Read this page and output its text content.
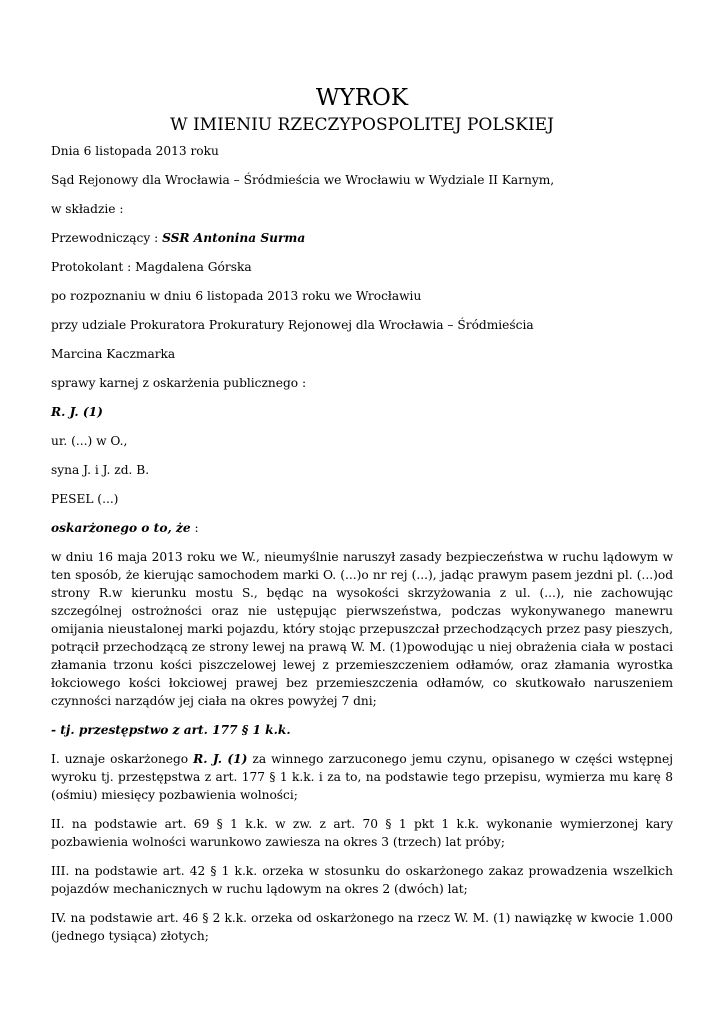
WYROK
W IMIENIU RZECZYPOSPOLITEJ POLSKIEJ
Dnia 6 listopada 2013 roku
Sąd Rejonowy dla Wrocławia – Śródmieścia we Wrocławiu w Wydziale II Karnym,
w składzie :
Przewodniczący : SSR Antonina Surma
Protokolant : Magdalena Górska
po rozpoznaniu w dniu 6 listopada 2013 roku we Wrocławiu
przy udziale Prokuratora Prokuratury Rejonowej dla Wrocławia – Śródmieścia
Marcina Kaczmarka
sprawy karnej z oskarżenia publicznego :
R. J. (1)
ur. (...) w O.,
syna J. i J. zd. B.
PESEL (...)
oskarżonego o to, że :
w dniu 16 maja 2013 roku we W., nieumyślnie naruszył zasady bezpieczeństwa w ruchu lądowym w ten sposób, że kierując samochodem marki O. (...)o nr rej (...), jadąc prawym pasem jezdni pl. (...)od strony R.w kierunku mostu S., będąc na wysokości skrzyżowania z ul. (...), nie zachowując szczególnej ostrożności oraz nie ustępując pierwszeństwa, podczas wykonywanego manewru omijania nieustalonej marki pojazdu, który stojąc przepuszczał przechodzących przez pasy pieszych, potrącił przechodzącą ze strony lewej na prawą W. M. (1)powodując u niej obrażenia ciała w postaci złamania trzonu kości piszczelowej lewej z przemieszczeniem odłamów, oraz złamania wyrostka łokciowego kości łokciowej prawej bez przemieszczenia odłamów, co skutkowało naruszeniem czynności narządów jej ciała na okres powyżej 7 dni;
- tj. przestępstwo z art. 177 § 1 k.k.
I. uznaje oskarżonego R. J. (1) za winnego zarzuconego jemu czynu, opisanego w części wstępnej wyroku tj. przestępstwa z art. 177 § 1 k.k. i za to, na podstawie tego przepisu, wymierza mu karę 8 (ośmiu) miesięcy pozbawienia wolności;
II. na podstawie art. 69 § 1 k.k. w zw. z art. 70 § 1 pkt 1 k.k. wykonanie wymierzonej kary pozbawienia wolności warunkowo zawiesza na okres 3 (trzech) lat próby;
III. na podstawie art. 42 § 1 k.k. orzeka w stosunku do oskarżonego zakaz prowadzenia wszelkich pojazdów mechanicznych w ruchu lądowym na okres 2 (dwóch) lat;
IV. na podstawie art. 46 § 2 k.k. orzeka od oskarżonego na rzecz W. M. (1) nawiązkę w kwocie 1.000 (jednego tysiąca) złotych;
